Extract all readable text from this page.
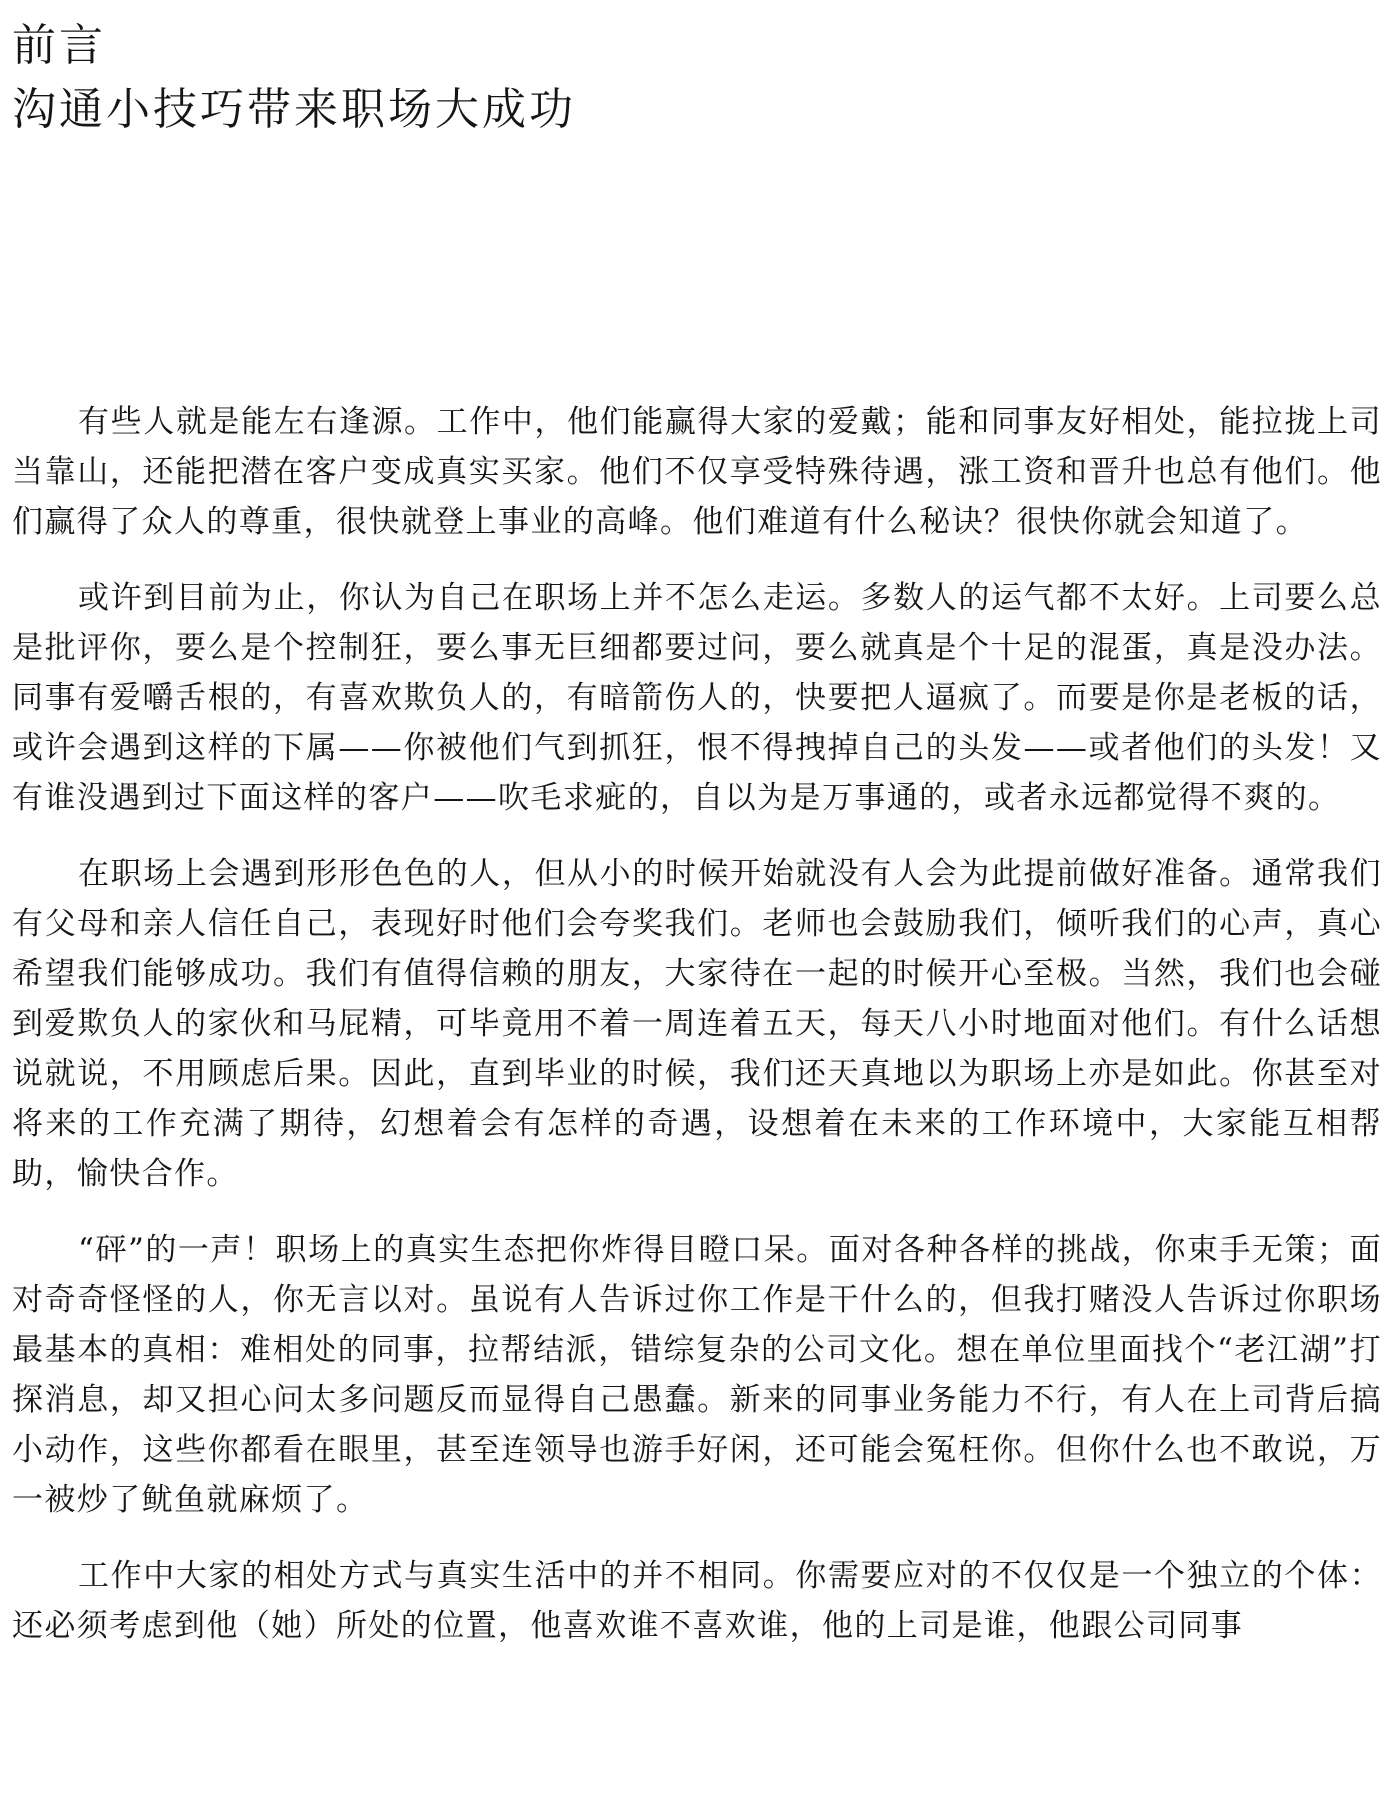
前言
沟通小技巧带来职场大成功

有些人就是能左右逢源。工作中，他们能赢得大家的爱戴；能和同事友好相处，能拉拢上司当靠山，还能把潜在客户变成真实买家。他们不仅享受特殊待遇，涨工资和晋升也总有他们。他们赢得了众人的尊重，很快就登上事业的高峰。他们难道有什么秘诀？很快你就会知道了。

或许到目前为止，你认为自己在职场上并不怎么走运。多数人的运气都不太好。上司要么总是批评你，要么是个控制狂，要么事无巨细都要过问，要么就真是个十足的混蛋，真是没办法。同事有爱嚼舌根的，有喜欢欺负人的，有暗箭伤人的，快要把人逼疯了。而要是你是老板的话，或许会遇到这样的下属——你被他们气到抓狂，恨不得拽掉自己的头发——或者他们的头发！又有谁没遇到过下面这样的客户——吹毛求疵的，自以为是万事通的，或者永远都觉得不爽的。

在职场上会遇到形形色色的人，但从小的时候开始就没有人会为此提前做好准备。通常我们有父母和亲人信任自己，表现好时他们会夸奖我们。老师也会鼓励我们，倾听我们的心声，真心希望我们能够成功。我们有值得信赖的朋友，大家待在一起的时候开心至极。当然，我们也会碰到爱欺负人的家伙和马屁精，可毕竟用不着一周连着五天，每天八小时地面对他们。有什么话想说就说，不用顾虑后果。因此，直到毕业的时候，我们还天真地以为职场上亦是如此。你甚至对将来的工作充满了期待，幻想着会有怎样的奇遇，设想着在未来的工作环境中，大家能互相帮助，愉快合作。

“砰”的一声！职场上的真实生态把你炸得目瞪口呆。面对各种各样的挑战，你束手无策；面对奇奇怪怪的人，你无言以对。虽说有人告诉过你工作是干什么的，但我打赌没人告诉过你职场最基本的真相：难相处的同事，拉帮结派，错综复杂的公司文化。想在单位里面找个“老江湖”打探消息，却又担心问太多问题反而显得自己愚蠢。新来的同事业务能力不行，有人在上司背后搞小动作，这些你都看在眼里，甚至连领导也游手好闲，还可能会冤枉你。但你什么也不敢说，万一被炒了鱿鱼就麻烦了。

工作中大家的相处方式与真实生活中的并不相同。你需要应对的不仅仅是一个独立的个体：还必须考虑到他（她）所处的位置，他喜欢谁不喜欢谁，他的上司是谁，他跟公司同事
